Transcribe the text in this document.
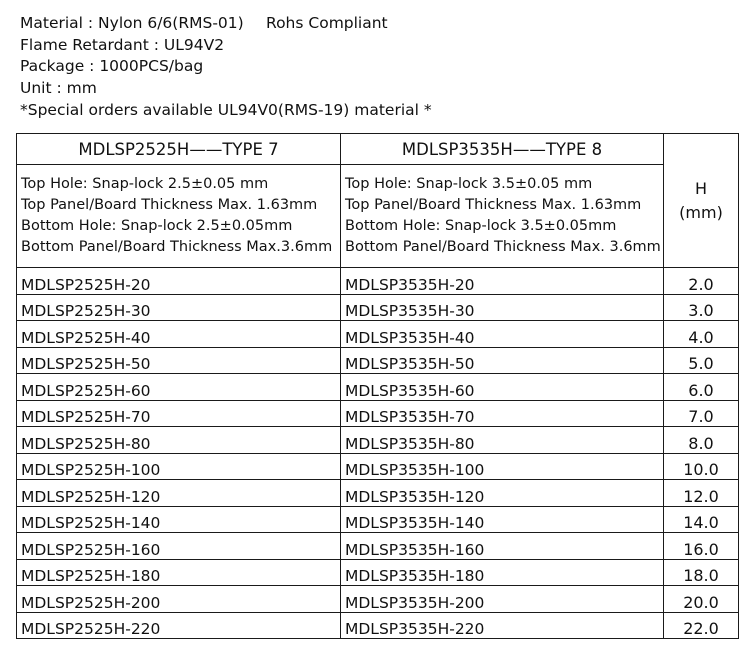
Material : Nylon 6/6(RMS-01)
Flame Retardant : UL94V2
Package : 1000PCS/bag
Unit : mm
*Special orders available UL94V0(RMS-19) material *
Rohs Compliant
MDLSP2525H——TYPE 7	MDLSP3535H——TYPE 8	H
(mm)

Top Hole: Snap-lock 2.5±0.05 mm
Top Panel/Board Thickness Max. 1.63mm
Bottom Hole: Snap-lock 2.5±0.05mm
Bottom Panel/Board Thickness Max.3.6mm	Top Hole: Snap-lock 3.5±0.05 mm
Top Panel/Board Thickness Max. 1.63mm
Bottom Hole: Snap-lock 3.5±0.05mm
Bottom Panel/Board Thickness Max. 3.6mm	

MDLSP2525H-20	MDLSP3535H-20	2.0
MDLSP2525H-30	MDLSP3535H-30	3.0
MDLSP2525H-40	MDLSP3535H-40	4.0
MDLSP2525H-50	MDLSP3535H-50	5.0
MDLSP2525H-60	MDLSP3535H-60	6.0
MDLSP2525H-70	MDLSP3535H-70	7.0
MDLSP2525H-80	MDLSP3535H-80	8.0
MDLSP2525H-100	MDLSP3535H-100	10.0
MDLSP2525H-120	MDLSP3535H-120	12.0
MDLSP2525H-140	MDLSP3535H-140	14.0
MDLSP2525H-160	MDLSP3535H-160	16.0
MDLSP2525H-180	MDLSP3535H-180	18.0
MDLSP2525H-200	MDLSP3535H-200	20.0
MDLSP2525H-220	MDLSP3535H-220	22.0
